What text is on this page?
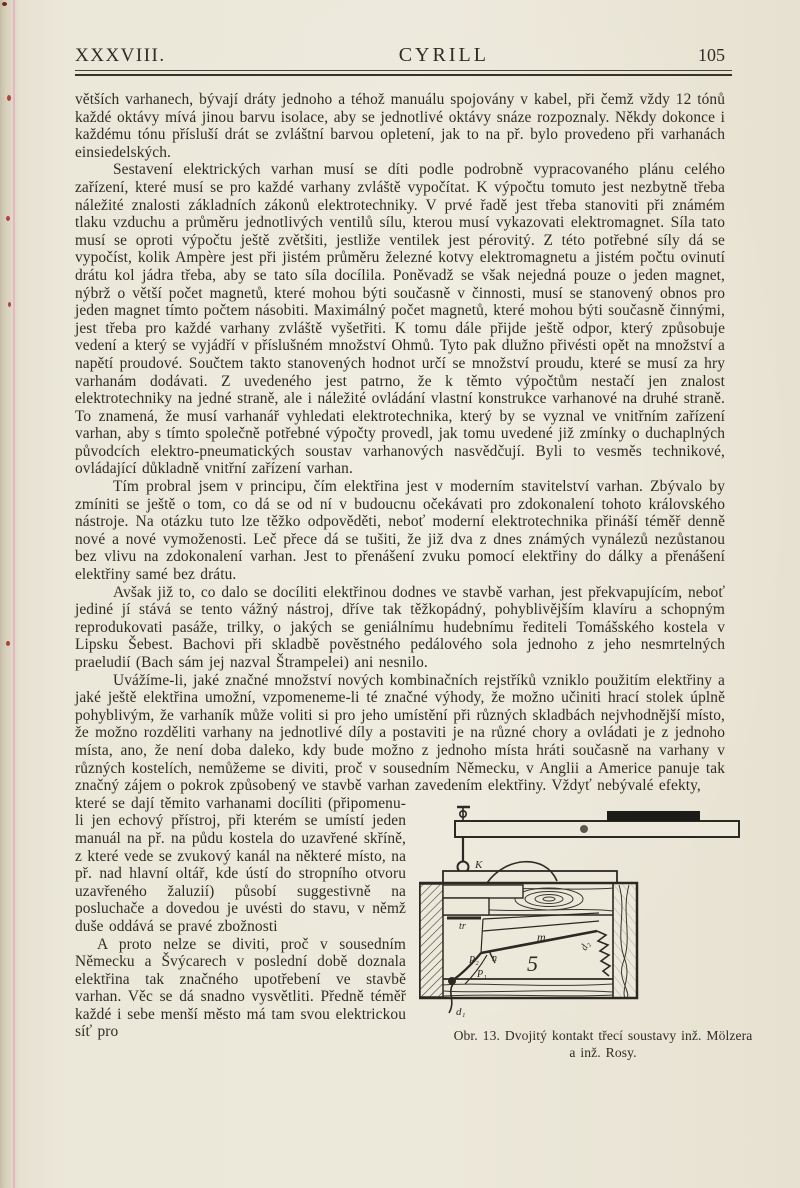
XXXVIII.	CYRILL	105

větších varhanech, bývají dráty jednoho a téhož manuálu spojovány v kabel, při čemž vždy 12 tónů každé oktávy mívá jinou barvu isolace, aby se jednotlivé oktávy snáze rozpoznaly. Někdy dokonce i každému tónu přísluší drát se zvláštní barvou opletení, jak to na př. bylo provedeno při varhanách einsiedelských.

Sestavení elektrických varhan musí se díti podle podrobně vypracovaného plánu celého zařízení, které musí se pro každé varhany zvláště vypočítat. K výpočtu tomuto jest nezbytně třeba náležité znalosti základních zákonů elektrotechniky. V prvé řadě jest třeba stanoviti při známém tlaku vzduchu a průměru jednotlivých ventilů sílu, kterou musí vykazovati elektromagnet. Síla tato musí se oproti výpočtu ještě zvětšiti, jestliže ventilek jest pérovitý. Z této potřebné síly dá se vypočíst, kolik Ampère jest při jistém průměru železné kotvy elektromagnetu a jistém počtu ovinutí drátu kol jádra třeba, aby se tato síla docílila. Poněvadž se však nejedná pouze o jeden magnet, nýbrž o větší počet magnetů, které mohou býti současně v činnosti, musí se stanovený obnos pro jeden magnet tímto počtem násobiti. Maximálný počet magnetů, které mohou býti současně činnými, jest třeba pro každé varhany zvláště vyšetřiti. K tomu dále přijde ještě odpor, který způsobuje vedení a který se vyjádří v příslušném množství Ohmů. Tyto pak dlužno přivésti opět na množství a napětí proudové. Součtem takto stanovených hodnot určí se množství proudu, které se musí za hry varhanám dodávati. Z uvedeného jest patrno, že k těmto výpočtům nestačí jen znalost elektrotechniky na jedné straně, ale i náležité ovládání vlastní konstrukce varhanové na druhé straně. To znamená, že musí varhanář vyhledati elektrotechnika, který by se vyznal ve vnitřním zařízení varhan, aby s tímto společně potřebné výpočty provedl, jak tomu uvedené již zmínky o duchaplných původcích elektro-pneumatických soustav varhanových nasvědčují. Byli to vesměs technikové, ovládající důkladně vnitřní zařízení varhan.

Tím probral jsem v principu, čím elektřina jest v moderním stavitelství varhan. Zbývalo by zmíniti se ještě o tom, co dá se od ní v budoucnu očekávati pro zdokonalení tohoto královského nástroje. Na otázku tuto lze těžko odpověděti, neboť moderní elektrotechnika přináší téměř denně nové a nové vymoženosti. Leč přece dá se tušiti, že již dva z dnes známých vynálezů nezůstanou bez vlivu na zdokonalení varhan. Jest to přenášení zvuku pomocí elektřiny do dálky a přenášení elektřiny samé bez drátu.

Avšak již to, co dalo se docíliti elektřinou dodnes ve stavbě varhan, jest překvapujícím, neboť jediné jí stává se tento vážný nástroj, dříve tak těžkopádný, pohyblivějším klavíru a schopným reprodukovati pasáže, trilky, o jakých se geniálnímu hudebnímu řediteli Tomášského kostela v Lipsku Šebest. Bachovi při skladbě pověstného pedálového sola jednoho z jeho nesmrtelných praeludií (Bach sám jej nazval Štrampelei) ani nesnilo.

Uvážíme-li, jaké značné množství nových kombinačních rejstříků vzniklo použitím elektřiny a jaké ještě elektřina umožní, vzpomeneme-li té značné výhody, že možno učiniti hrací stolek úplně pohyblivým, že varhaník může voliti si pro jeho umístění při různých skladbách nejvhodnější místo, že možno rozděliti varhany na jednotlivé díly a postaviti je na různé chory a ovládati je z jednoho místa, ano, že není doba daleko, kdy bude možno z jednoho místa hráti současně na varhany v různých kostelích, nemůžeme se diviti, proč v sousedním Německu, v Anglii a Americe panuje tak značný zájem o pokrok způsobený ve stavbě varhan zavedením elektřiny. Vždyť nebývalé efekty,

které se dají těmito varhanami docíliti (připomenu-li jen echový přístroj, při kterém se umístí jeden manuál na př. na půdu kostela do uzavřené skříně, z které vede se zvukový kanál na některé místo, na př. nad hlavní oltář, kde ústí do stropního otvoru uzavřeného žaluzií) působí suggestivně na posluchače a dovedou je uvésti do stavu, v němž duše oddává se pravé zbožnosti

A proto nelze se diviti, proč v sousedním Německu a Švýcarech v poslední době doznala elektřina tak značného upotřebení ve stavbě varhan. Věc se dá snadno vysvětliti. Předně téměř každé i sebe menší město má tam svou elektrickou síť pro

K
tr
m
d₂
P₂ n
P₁ 5
d₁
Obr. 13. Dvojitý kontakt třecí soustavy inž. Mölzera
a inž. Rosy.
